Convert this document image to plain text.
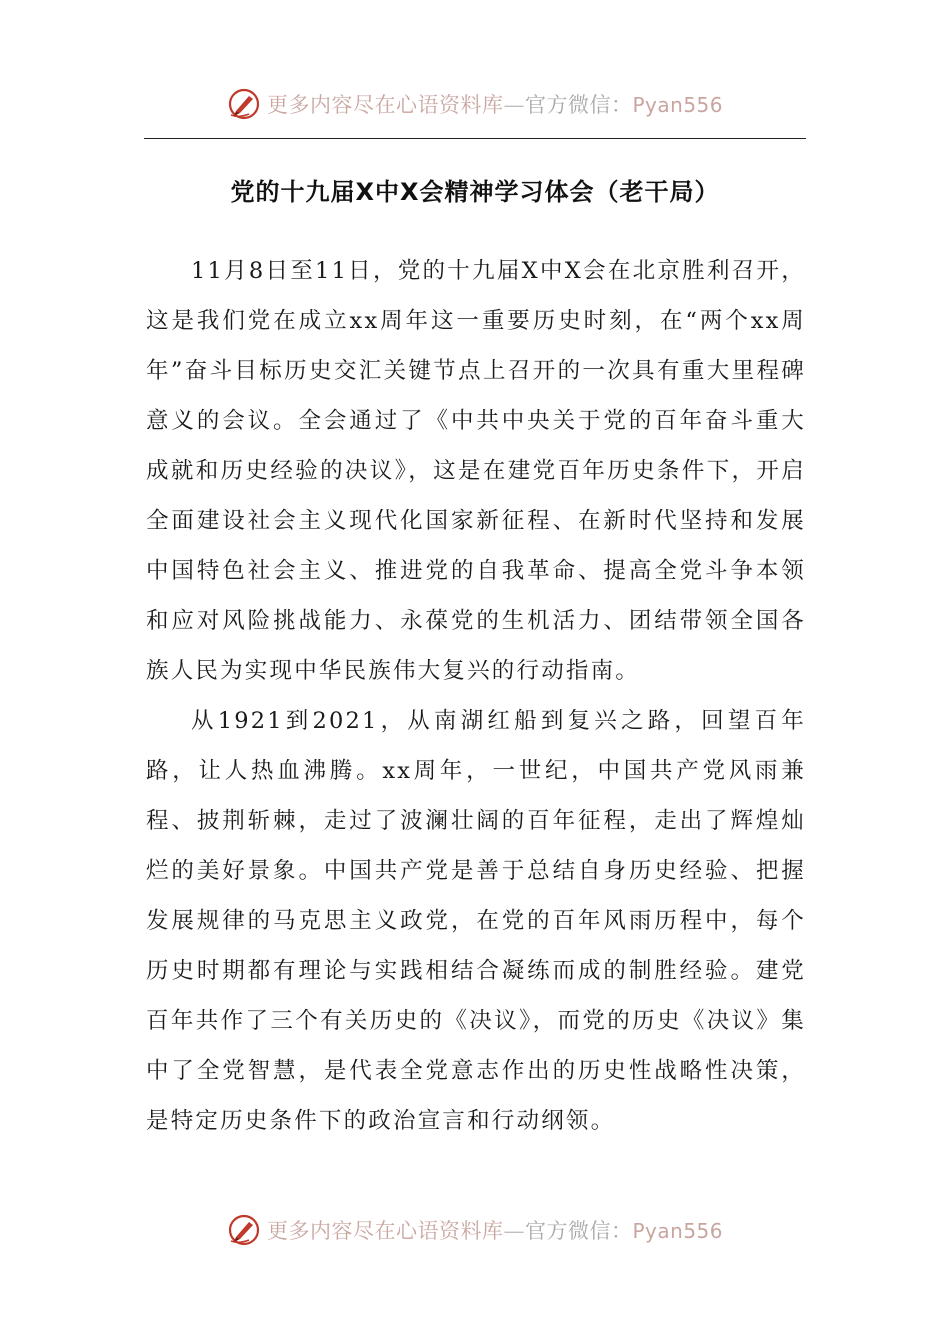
更多内容尽在心语资料库—官方微信：Pyan556
党的十九届X中X会精神学习体会（老干局）

11月8日至11日，党的十九届X中X会在北京胜利召开，这是我们党在成立xx周年这一重要历史时刻，在“两个xx周年”奋斗目标历史交汇关键节点上召开的一次具有重大里程碑意义的会议。全会通过了《中共中央关于党的百年奋斗重大成就和历史经验的决议》，这是在建党百年历史条件下，开启全面建设社会主义现代化国家新征程、在新时代坚持和发展中国特色社会主义、推进党的自我革命、提高全党斗争本领和应对风险挑战能力、永葆党的生机活力、团结带领全国各族人民为实现中华民族伟大复兴的行动指南。

从1921到2021，从南湖红船到复兴之路，回望百年路，让人热血沸腾。xx周年，一世纪，中国共产党风雨兼程、披荆斩棘，走过了波澜壮阔的百年征程，走出了辉煌灿烂的美好景象。中国共产党是善于总结自身历史经验、把握发展规律的马克思主义政党，在党的百年风雨历程中，每个历史时期都有理论与实践相结合凝练而成的制胜经验。建党百年共作了三个有关历史的《决议》，而党的历史《决议》集中了全党智慧，是代表全党意志作出的历史性战略性决策，是特定历史条件下的政治宣言和行动纲领。

更多内容尽在心语资料库—官方微信：Pyan556
